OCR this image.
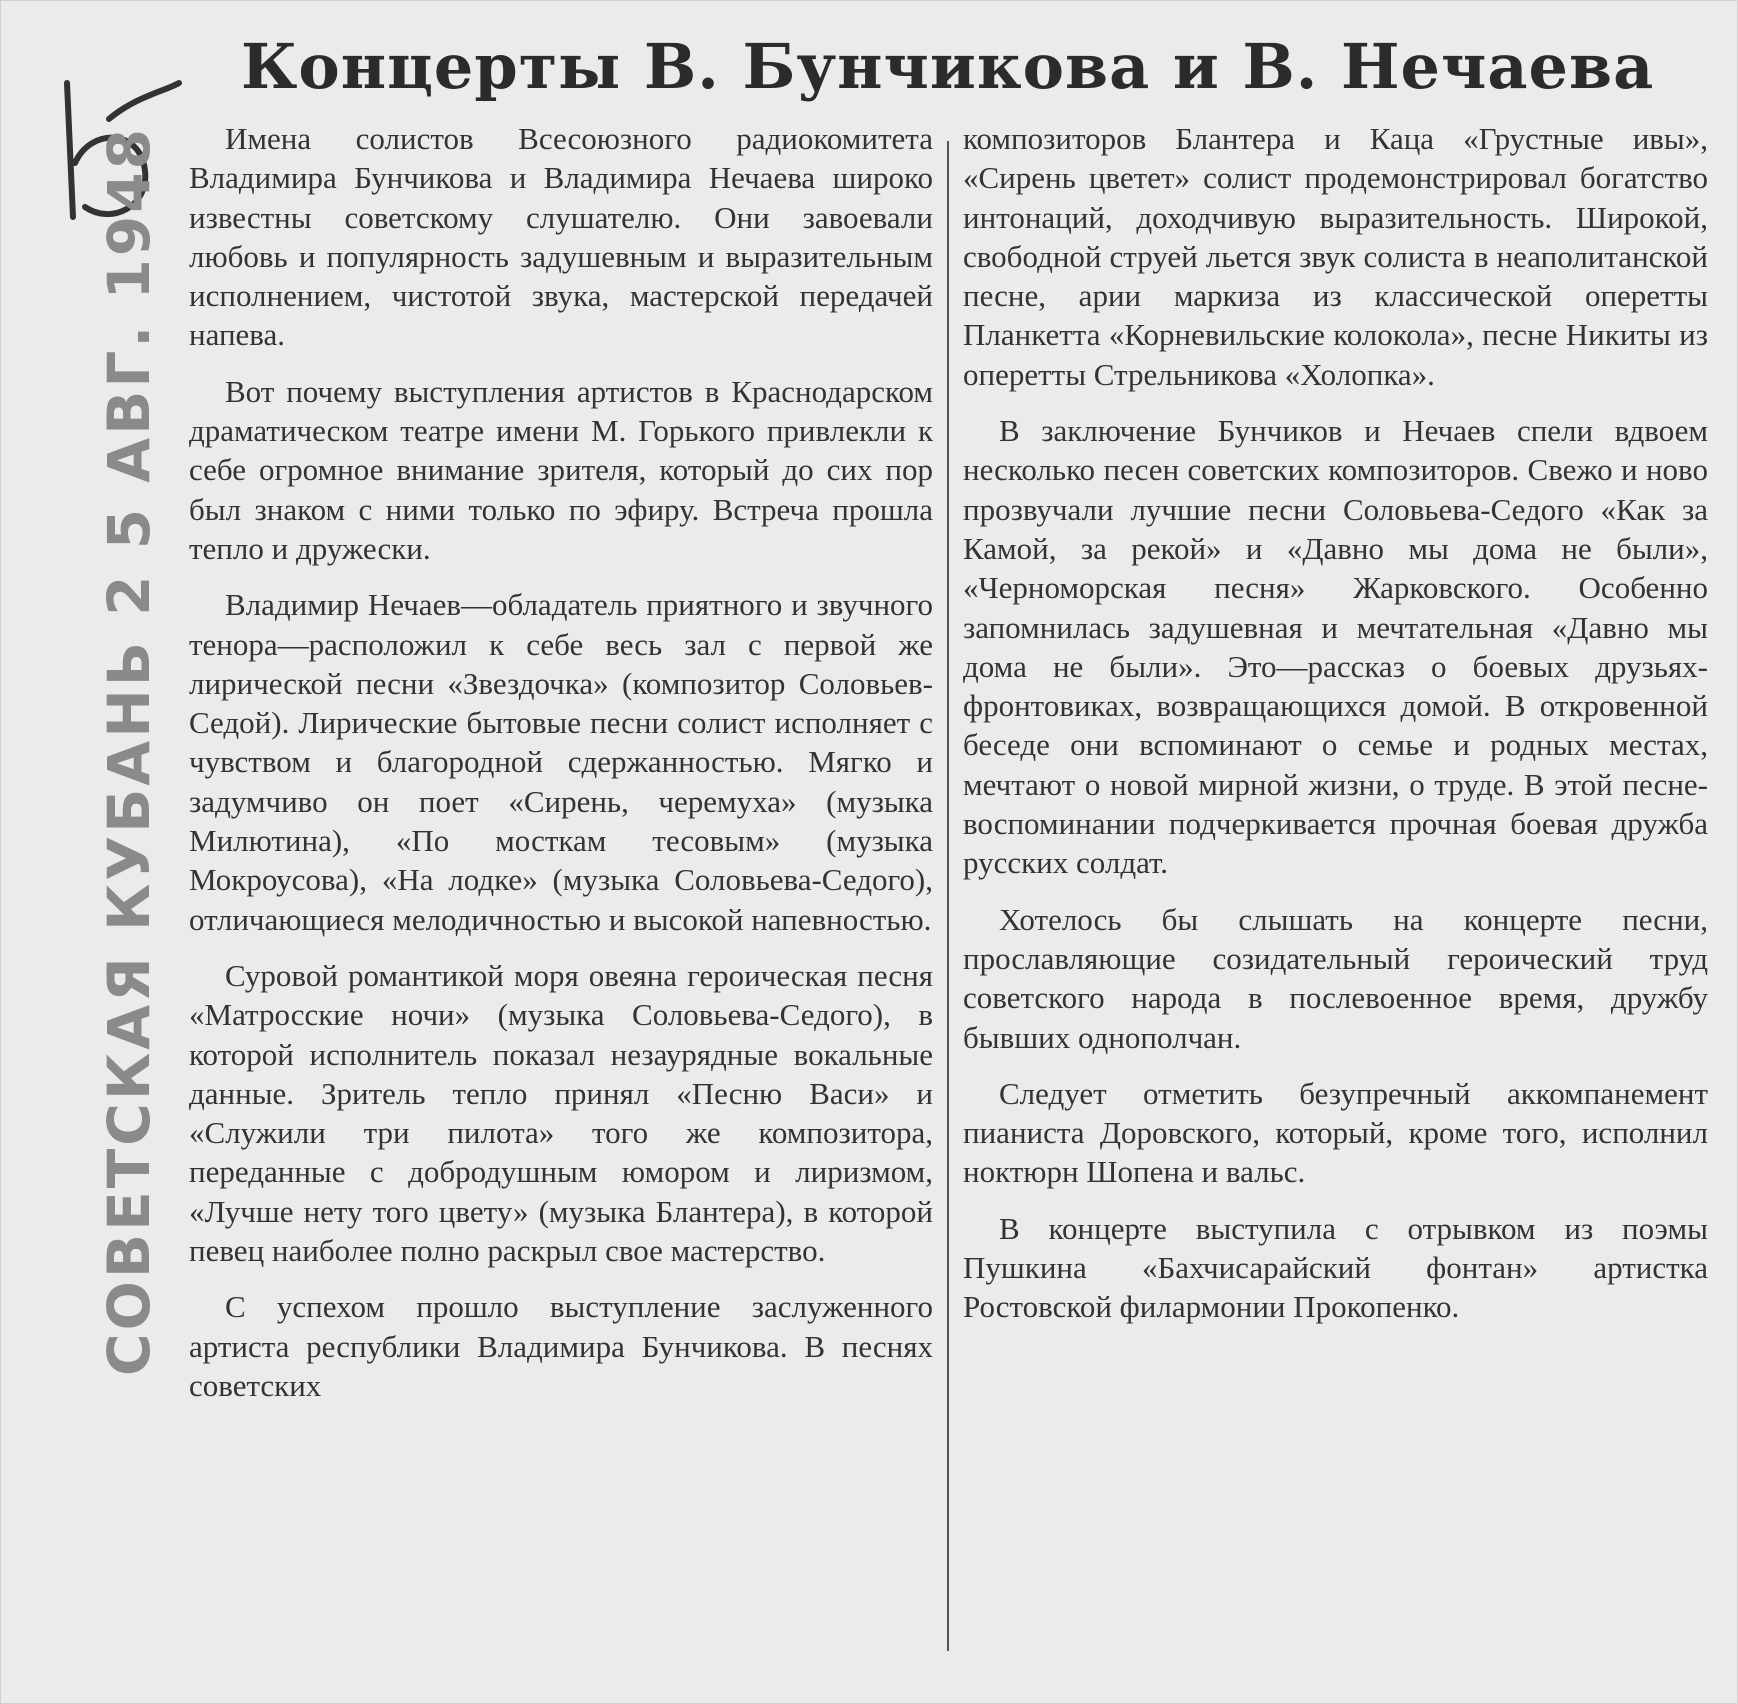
СОВЕТСКАЯ КУБАНЬ 2 5 АВГ. 1948
Концерты В. Бунчикова и В. Нечаева

Имена солистов Всесоюзного радиокомитета Владимира Бунчикова и Владимира Нечаева широко известны советскому слушателю. Они завоевали любовь и популярность задушевным и выразительным исполнением, чистотой звука, мастерской передачей напева.

Вот почему выступления артистов в Краснодарском драматическом театре имени М. Горького привлекли к себе огромное внимание зрителя, который до сих пор был знаком с ними только по эфиру. Встреча прошла тепло и дружески.

Владимир Нечаев—обладатель приятного и звучного тенора—расположил к себе весь зал с первой же лирической песни «Звездочка» (композитор Соловьев-Седой). Лирические бытовые песни солист исполняет с чувством и благородной сдержанностью. Мягко и задумчиво он поет «Сирень, черемуха» (музыка Милютина), «По мосткам тесовым» (музыка Мокроусова), «На лодке» (музыка Соловьева-Седого), отличающиеся мелодичностью и высокой напевностью.

Суровой романтикой моря овеяна героическая песня «Матросские ночи» (музыка Соловьева-Седого), в которой исполнитель показал незаурядные вокальные данные. Зритель тепло принял «Песню Васи» и «Служили три пилота» того же композитора, переданные с добродушным юмором и лиризмом, «Лучше нету того цвету» (музыка Блантера), в которой певец наиболее полно раскрыл свое мастерство.

С успехом прошло выступление заслуженного артиста республики Владимира Бунчикова. В песнях советских

композиторов Блантера и Каца «Грустные ивы», «Сирень цветет» солист продемонстрировал богатство интонаций, доходчивую выразительность. Широкой, свободной струей льется звук солиста в неаполитанской песне, арии маркиза из классической оперетты Планкетта «Корневильские колокола», песне Никиты из оперетты Стрельникова «Холопка».

В заключение Бунчиков и Нечаев спели вдвоем несколько песен советских композиторов. Свежо и ново прозвучали лучшие песни Соловьева-Седого «Как за Камой, за рекой» и «Давно мы дома не были», «Черноморская песня» Жарковского. Особенно запомнилась задушевная и мечтательная «Давно мы дома не были». Это—рассказ о боевых друзьях-фронтовиках, возвращающихся домой. В откровенной беседе они вспоминают о семье и родных местах, мечтают о новой мирной жизни, о труде. В этой песне-воспоминании подчеркивается прочная боевая дружба русских солдат.

Хотелось бы слышать на концерте песни, прославляющие созидательный героический труд советского народа в послевоенное время, дружбу бывших однополчан.

Следует отметить безупречный аккомпанемент пианиста Доровского, который, кроме того, исполнил ноктюрн Шопена и вальс.

В концерте выступила с отрывком из поэмы Пушкина «Бахчисарайский фонтан» артистка Ростовской филармонии Прокопенко.
